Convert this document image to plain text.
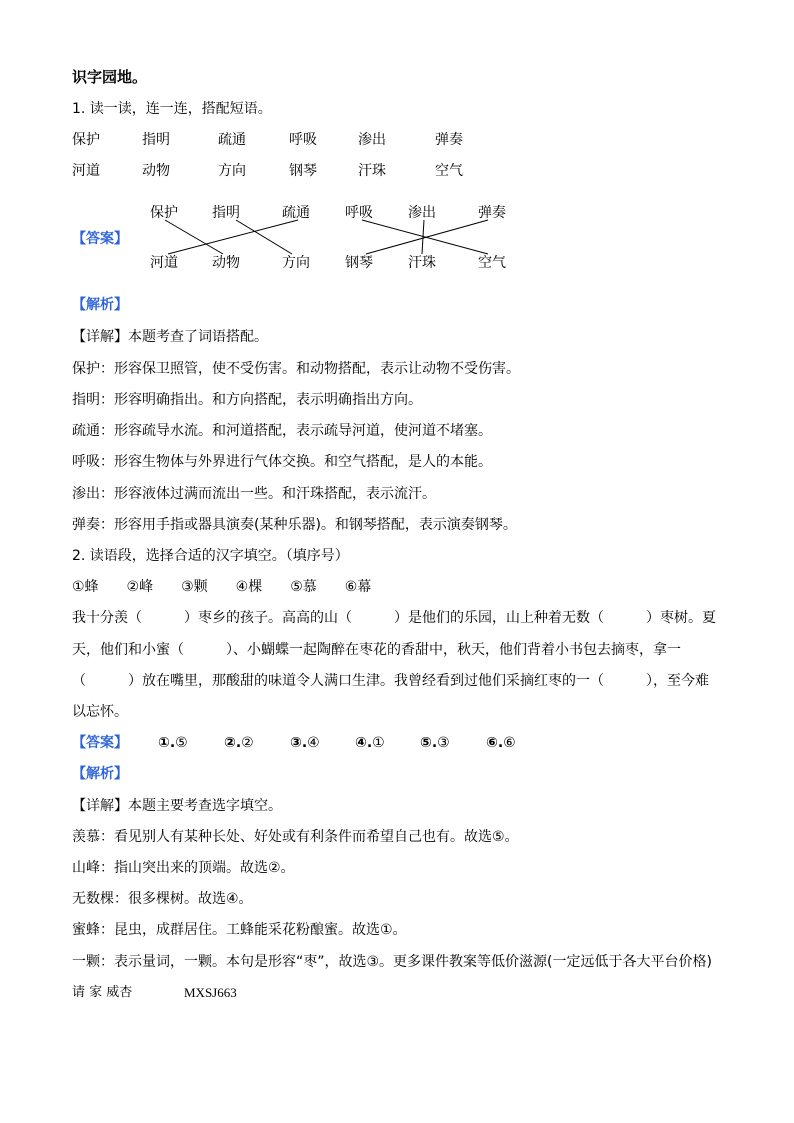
识字园地。
1. 读一读，连一连，搭配短语。
保护	指明	疏通	呼吸	渗出	弹奏
河道	动物	方向	钢琴	汗珠	空气
【答案】
保护 指明	疏通	呼吸	渗出	弹奏
河道 动物	方向	钢琴	汗珠	空气
【解析】
【详解】本题考查了词语搭配。
保护：形容保卫照管，使不受伤害。和动物搭配，表示让动物不受伤害。
指明：形容明确指出。和方向搭配，表示明确指出方向。
疏通：形容疏导水流。和河道搭配，表示疏导河道，使河道不堵塞。
呼吸：形容生物体与外界进行气体交换。和空气搭配，是人的本能。
渗出：形容液体过满而流出一些。和汗珠搭配，表示流汗。
弹奏：形容用手指或器具演奏(某种乐器)。和钢琴搭配，表示演奏钢琴。
2. 读语段，选择合适的汉字填空。（填序号）
①蜂　　②峰　　③颗　　④棵　　⑤慕　　⑥幕
我十分羡（　　　）枣乡的孩子。高高的山（　　　）是他们的乐园，山上种着无数（　　　）枣树。夏
天，他们和小蜜（　　　）、小蝴蝶一起陶醉在枣花的香甜中，秋天，他们背着小书包去摘枣，拿一
（　　　）放在嘴里，那酸甜的味道令人满口生津。我曾经看到过他们采摘红枣的一（　　　），至今难
以忘怀。
【答案】 ①.⑤	②.②	③.④	④.①	⑤.③	⑥.⑥
【解析】
【详解】本题主要考查选字填空。
羡慕：看见别人有某种长处、好处或有利条件而希望自己也有。故选⑤。
山峰：指山突出来的顶端。故选②。
无数棵：很多棵树。故选④。
蜜蜂：昆虫，成群居住。工蜂能采花粉酿蜜。故选①。
一颗：表示量词，一颗。本句是形容“枣”，故选③。更多课件教案等低价滋源(一定远低于各大平台价格)
请 家 威杏	MXSJ663
